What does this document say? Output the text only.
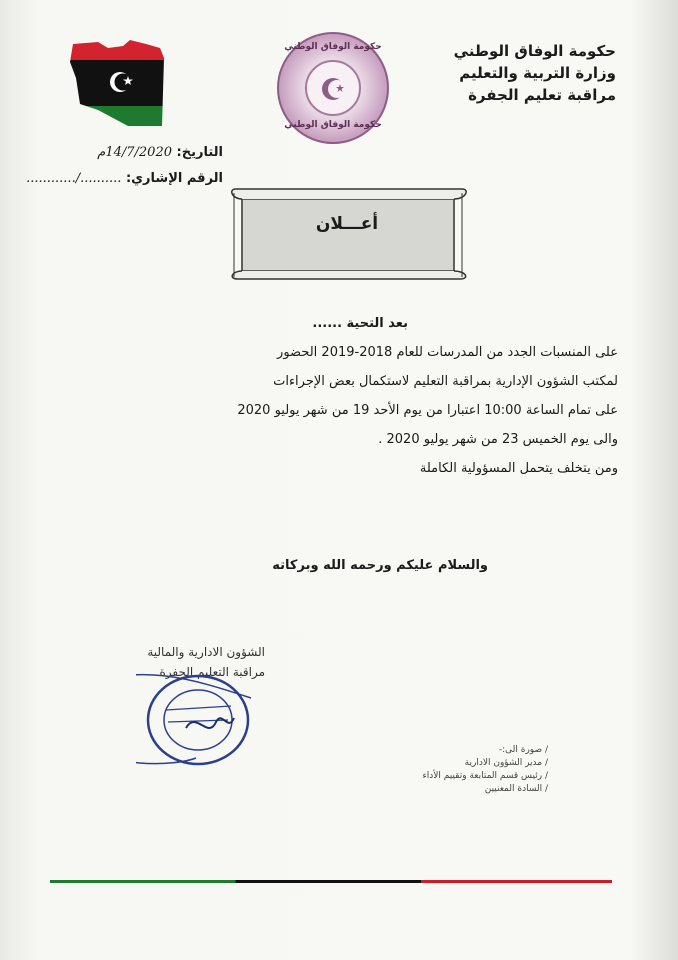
حكومة الوفاق الوطني
وزارة التربية والتعليم
مراقبة تعليم الجفرة
حكومة الوفاق الوطني
حكومة الوفاق الوطني
التاريخ: 14/7/2020م
الرقم الإشاري: ........../............
أعـــلان
بعد التحية ......
على المنسبات الجدد من المدرسات للعام 2018-2019 الحضور
لمكتب الشؤون الإدارية بمراقبة التعليم لاستكمال بعض الإجراءات
على تمام الساعة 10:00 اعتبارا من يوم الأحد 19 من شهر يوليو 2020
والى يوم الخميس 23 من شهر يوليو 2020 .
ومن يتخلف يتحمل المسؤولية الكاملة
والسلام عليكم ورحمه الله وبركاته
الشؤون الادارية والمالية
مراقبة التعليم الجفرة
/ صورة الى:-
/ مدير الشؤون الادارية
/ رئيس قسم المتابعة وتقييم الأداء
/ السادة المعنيين
